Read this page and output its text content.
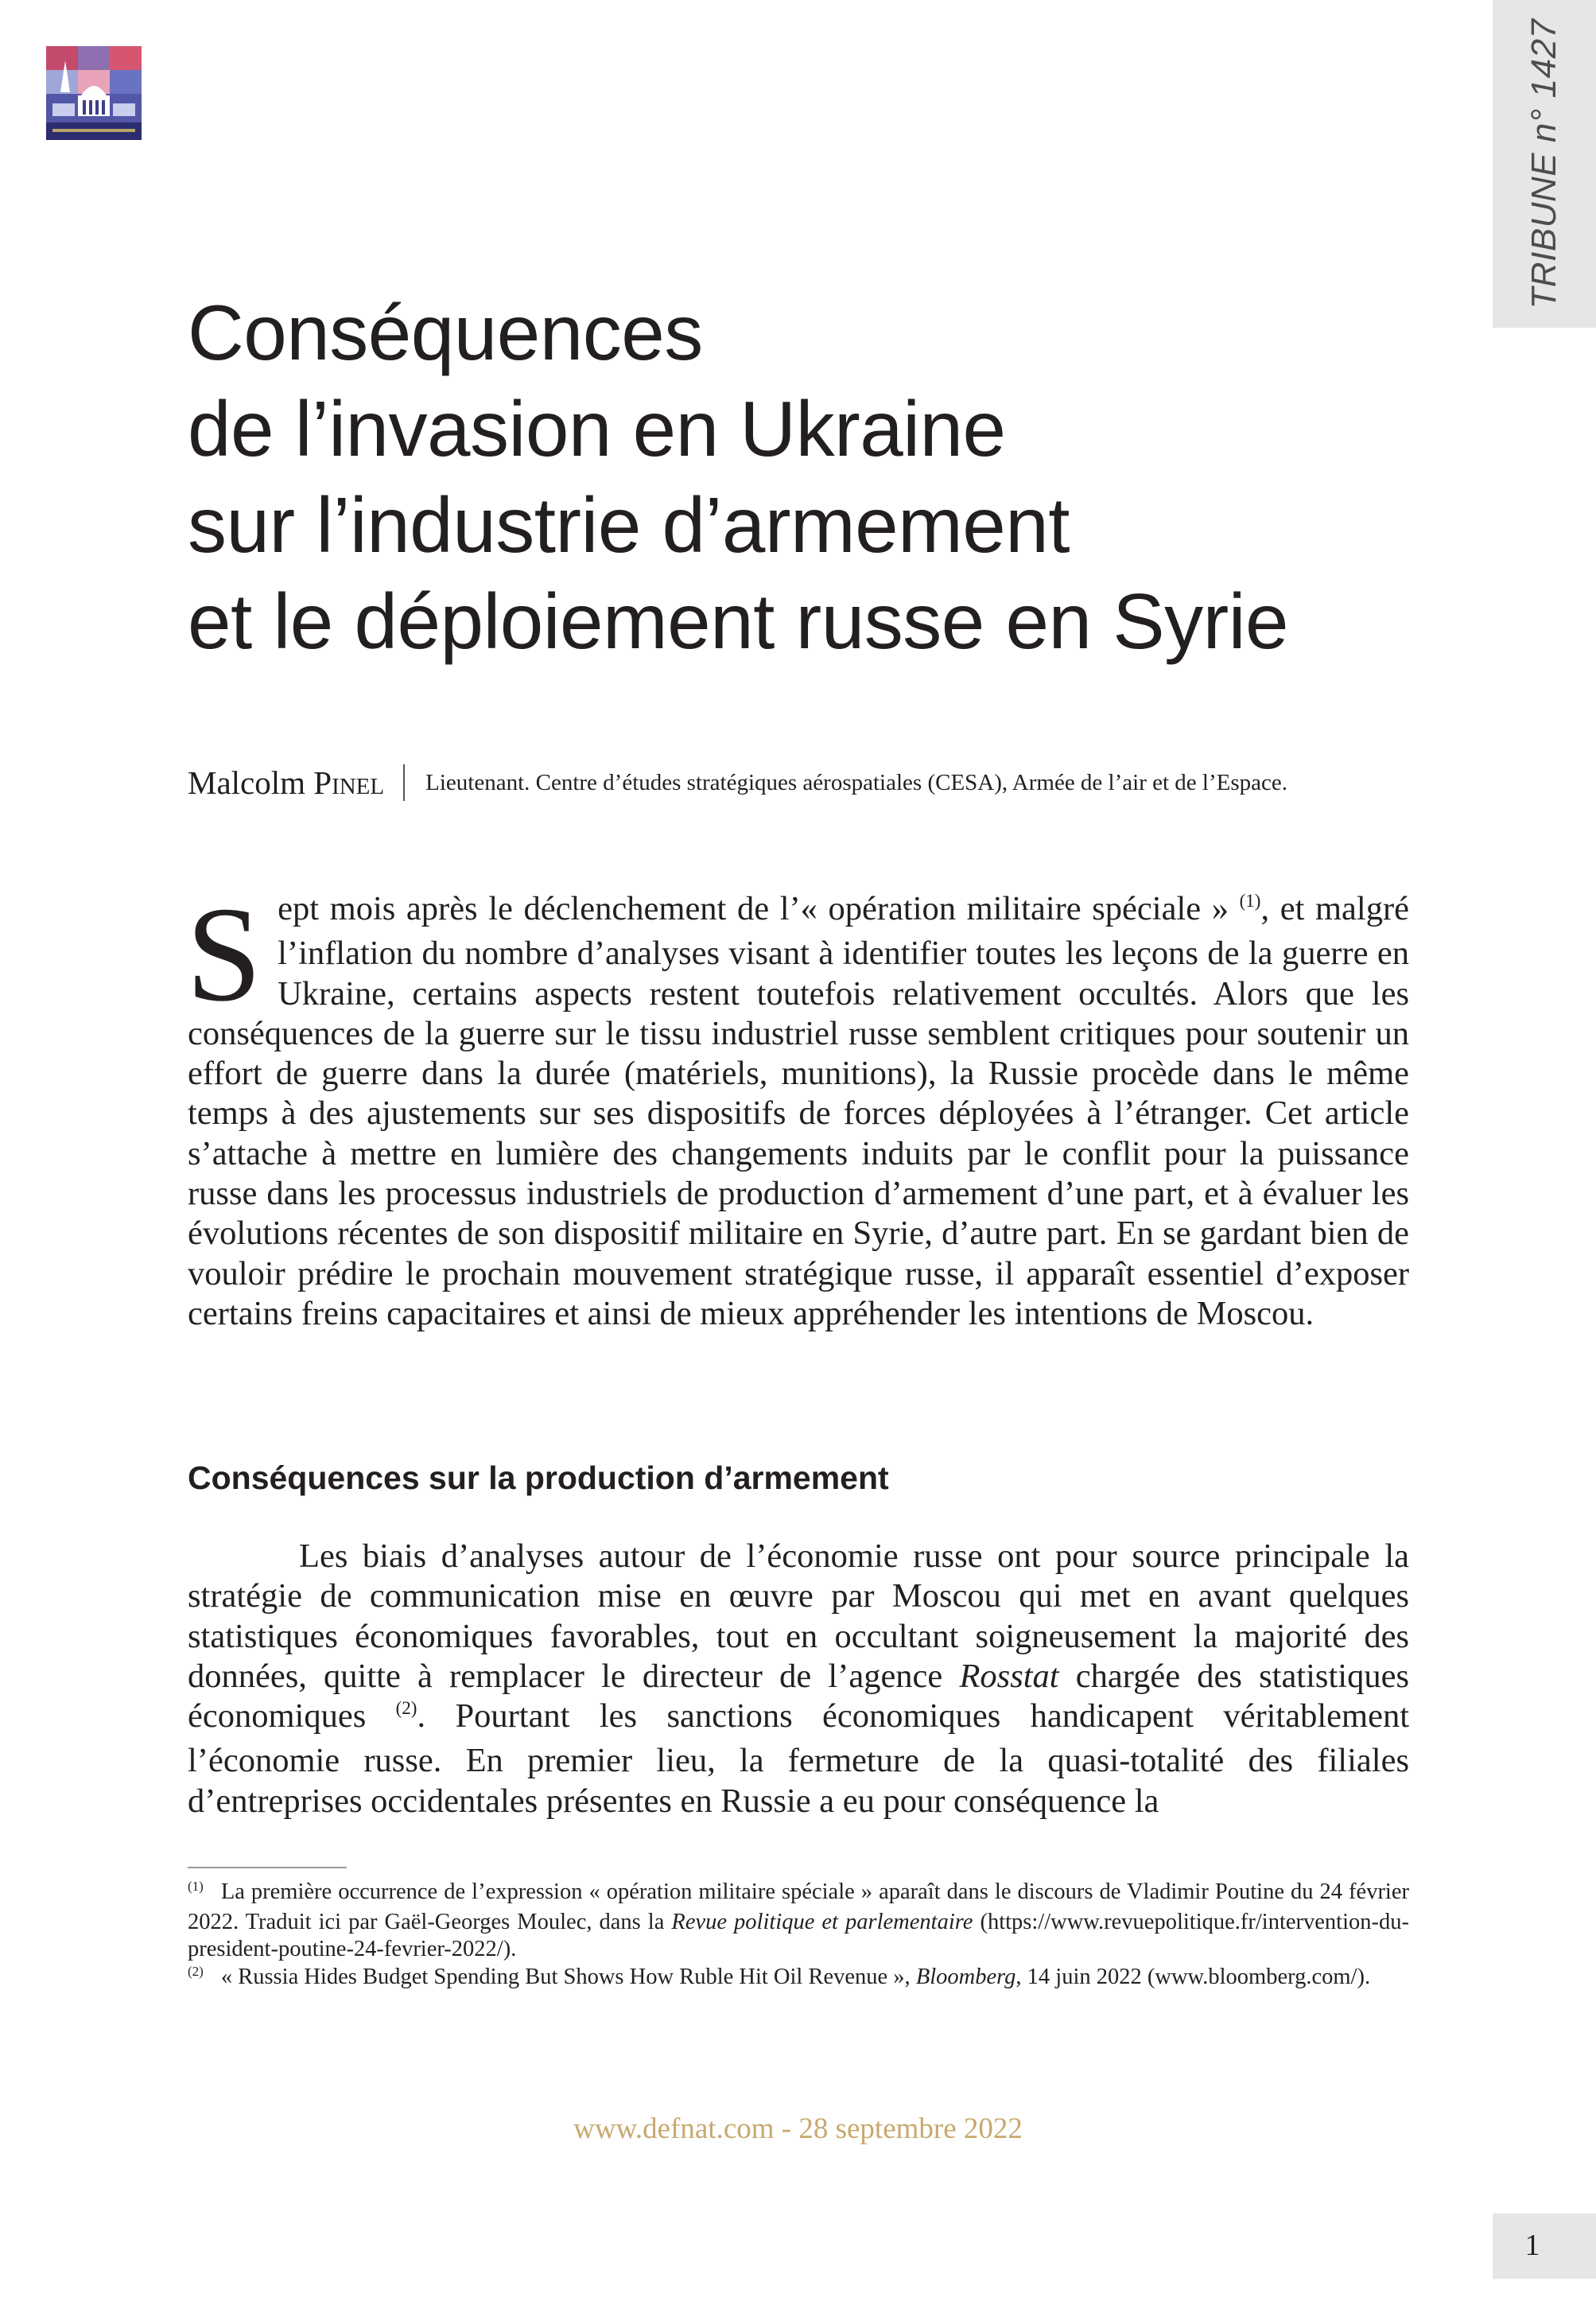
TRIBUNE n° 1427
Conséquences
de l’invasion en Ukraine
sur l’industrie d’armement
et le déploiement russe en Syrie
Malcolm Pinel Lieutenant. Centre d’études stratégiques aérospatiales (CESA), Armée de l’air et de l’Espace.

Sept mois après le déclenchement de l’« opération militaire spéciale » $^{(1)}$, et malgré l’inflation du nombre d’analyses visant à identifier toutes les leçons de la guerre en Ukraine, certains aspects restent toutefois relativement occultés. Alors que les conséquences de la guerre sur le tissu industriel russe semblent critiques pour soutenir un effort de guerre dans la durée (matériels, munitions), la Russie procède dans le même temps à des ajustements sur ses dispositifs de forces déployées à l’étranger. Cet article s’attache à mettre en lumière des changements induits par le conflit pour la puissance russe dans les processus industriels de production d’armement d’une part, et à évaluer les évolutions récentes de son dispositif militaire en Syrie, d’autre part. En se gardant bien de vouloir prédire le prochain mouvement stratégique russe, il apparaît essentiel d’exposer certains freins capacitaires et ainsi de mieux appréhender les intentions de Moscou.

Conséquences sur la production d’armement

Les biais d’analyses autour de l’économie russe ont pour source principale la stratégie de communication mise en œuvre par Moscou qui met en avant quelques statistiques économiques favorables, tout en occultant soigneusement la majorité des données, quitte à remplacer le directeur de l’agence Rosstat chargée des statistiques économiques $^{(2)}$. Pourtant les sanctions économiques handicapent véritablement l’économie russe. En premier lieu, la fermeture de la quasi-totalité des filiales d’entreprises occidentales présentes en Russie a eu pour conséquence la

$^{(1)}$ La première occurrence de l’expression « opération militaire spéciale » aparaît dans le discours de Vladimir Poutine du 24 février 2022. Traduit ici par Gaël-Georges Moulec, dans la Revue politique et parlementaire (https://www.revuepolitique.fr/intervention-du-president-poutine-24-fevrier-2022/).

$^{(2)}$ « Russia Hides Budget Spending But Shows How Ruble Hit Oil Revenue », Bloomberg, 14 juin 2022 (www.bloomberg.com/).

www.defnat.com - 28 septembre 2022
1
